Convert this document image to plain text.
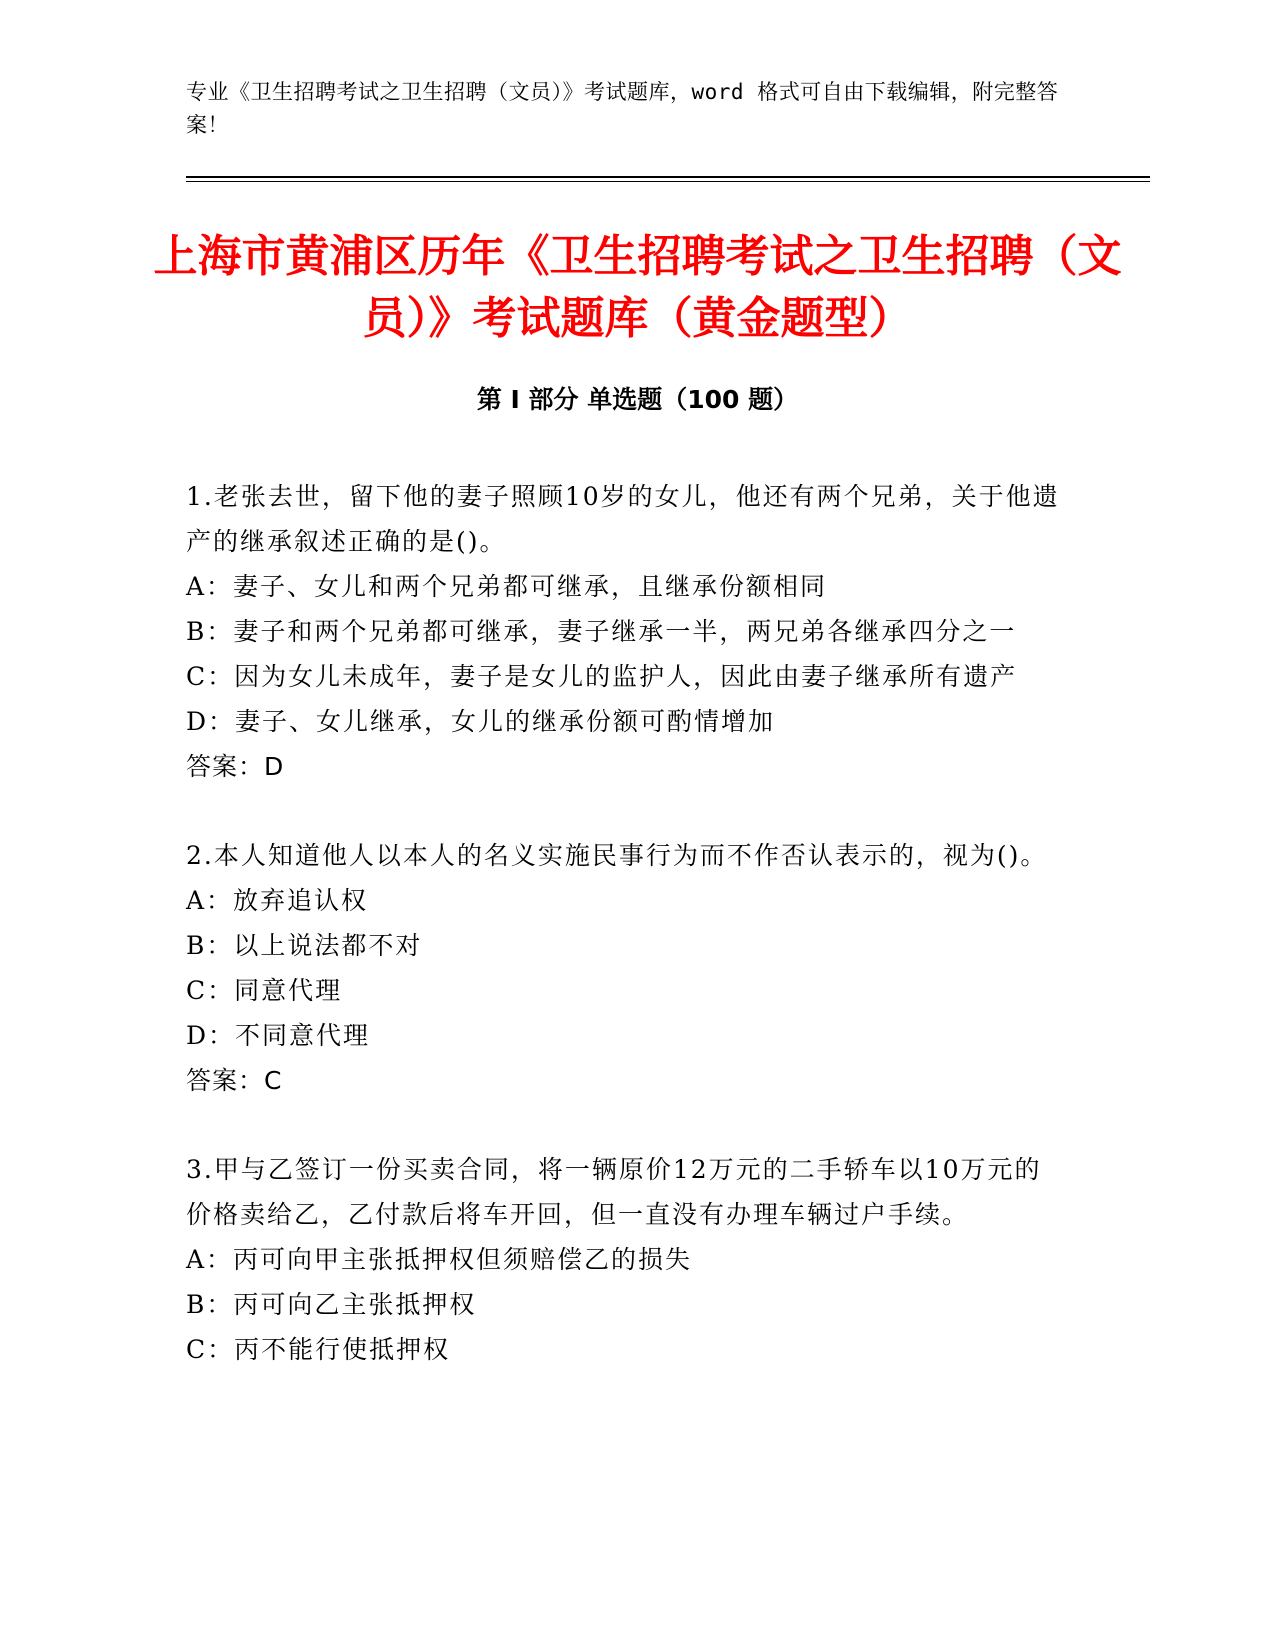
专业《卫生招聘考试之卫生招聘（文员）》考试题库，word 格式可自由下载编辑，附完整答案！
上海市黄浦区历年《卫生招聘考试之卫生招聘（文员）》考试题库（黄金题型）
第 I 部分 单选题（100 题）
1.老张去世，留下他的妻子照顾10岁的女儿，他还有两个兄弟，关于他遗产的继承叙述正确的是()。
A：妻子、女儿和两个兄弟都可继承，且继承份额相同
B：妻子和两个兄弟都可继承，妻子继承一半，两兄弟各继承四分之一
C：因为女儿未成年，妻子是女儿的监护人，因此由妻子继承所有遗产
D：妻子、女儿继承，女儿的继承份额可酌情增加
答案：D
2.本人知道他人以本人的名义实施民事行为而不作否认表示的，视为()。
A：放弃追认权
B：以上说法都不对
C：同意代理
D：不同意代理
答案：C
3.甲与乙签订一份买卖合同，将一辆原价12万元的二手轿车以10万元的价格卖给乙，乙付款后将车开回，但一直没有办理车辆过户手续。
A：丙可向甲主张抵押权但须赔偿乙的损失
B：丙可向乙主张抵押权
C：丙不能行使抵押权
